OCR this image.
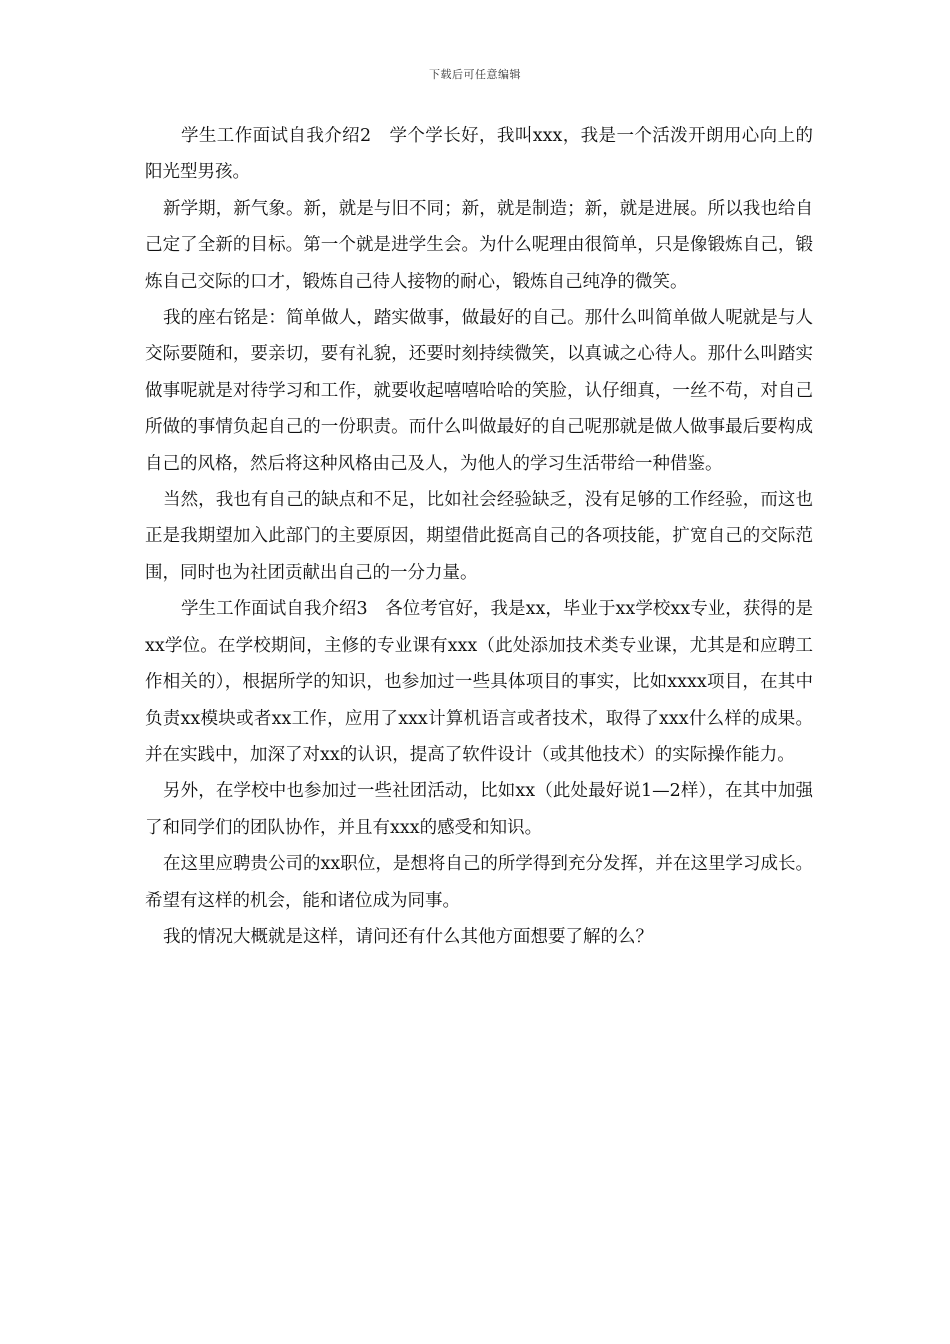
下载后可任意编辑

学生工作面试自我介绍2　学个学长好，我叫xxx，我是一个活泼开朗用心向上的阳光型男孩。

新学期，新气象。新，就是与旧不同；新，就是制造；新，就是进展。所以我也给自己定了全新的目标。第一个就是进学生会。为什么呢理由很简单，只是像锻炼自己，锻炼自己交际的口才，锻炼自己待人接物的耐心，锻炼自己纯净的微笑。

我的座右铭是：简单做人，踏实做事，做最好的自己。那什么叫简单做人呢就是与人交际要随和，要亲切，要有礼貌，还要时刻持续微笑，以真诚之心待人。那什么叫踏实做事呢就是对待学习和工作，就要收起嘻嘻哈哈的笑脸，认仔细真，一丝不苟，对自己所做的事情负起自己的一份职责。而什么叫做最好的自己呢那就是做人做事最后要构成自己的风格，然后将这种风格由己及人，为他人的学习生活带给一种借鉴。

当然，我也有自己的缺点和不足，比如社会经验缺乏，没有足够的工作经验，而这也正是我期望加入此部门的主要原因，期望借此挺高自己的各项技能，扩宽自己的交际范围，同时也为社团贡献出自己的一分力量。

学生工作面试自我介绍3　各位考官好，我是xx，毕业于xx学校xx专业，获得的是xx学位。在学校期间，主修的专业课有xxx（此处添加技术类专业课，尤其是和应聘工作相关的），根据所学的知识，也参加过一些具体项目的事实，比如xxxx项目，在其中负责xx模块或者xx工作，应用了xxx计算机语言或者技术，取得了xxx什么样的成果。并在实践中，加深了对xx的认识，提高了软件设计（或其他技术）的实际操作能力。

另外，在学校中也参加过一些社团活动，比如xx（此处最好说1—2样），在其中加强了和同学们的团队协作，并且有xxx的感受和知识。

在这里应聘贵公司的xx职位，是想将自己的所学得到充分发挥，并在这里学习成长。希望有这样的机会，能和诸位成为同事。

我的情况大概就是这样，请问还有什么其他方面想要了解的么？
